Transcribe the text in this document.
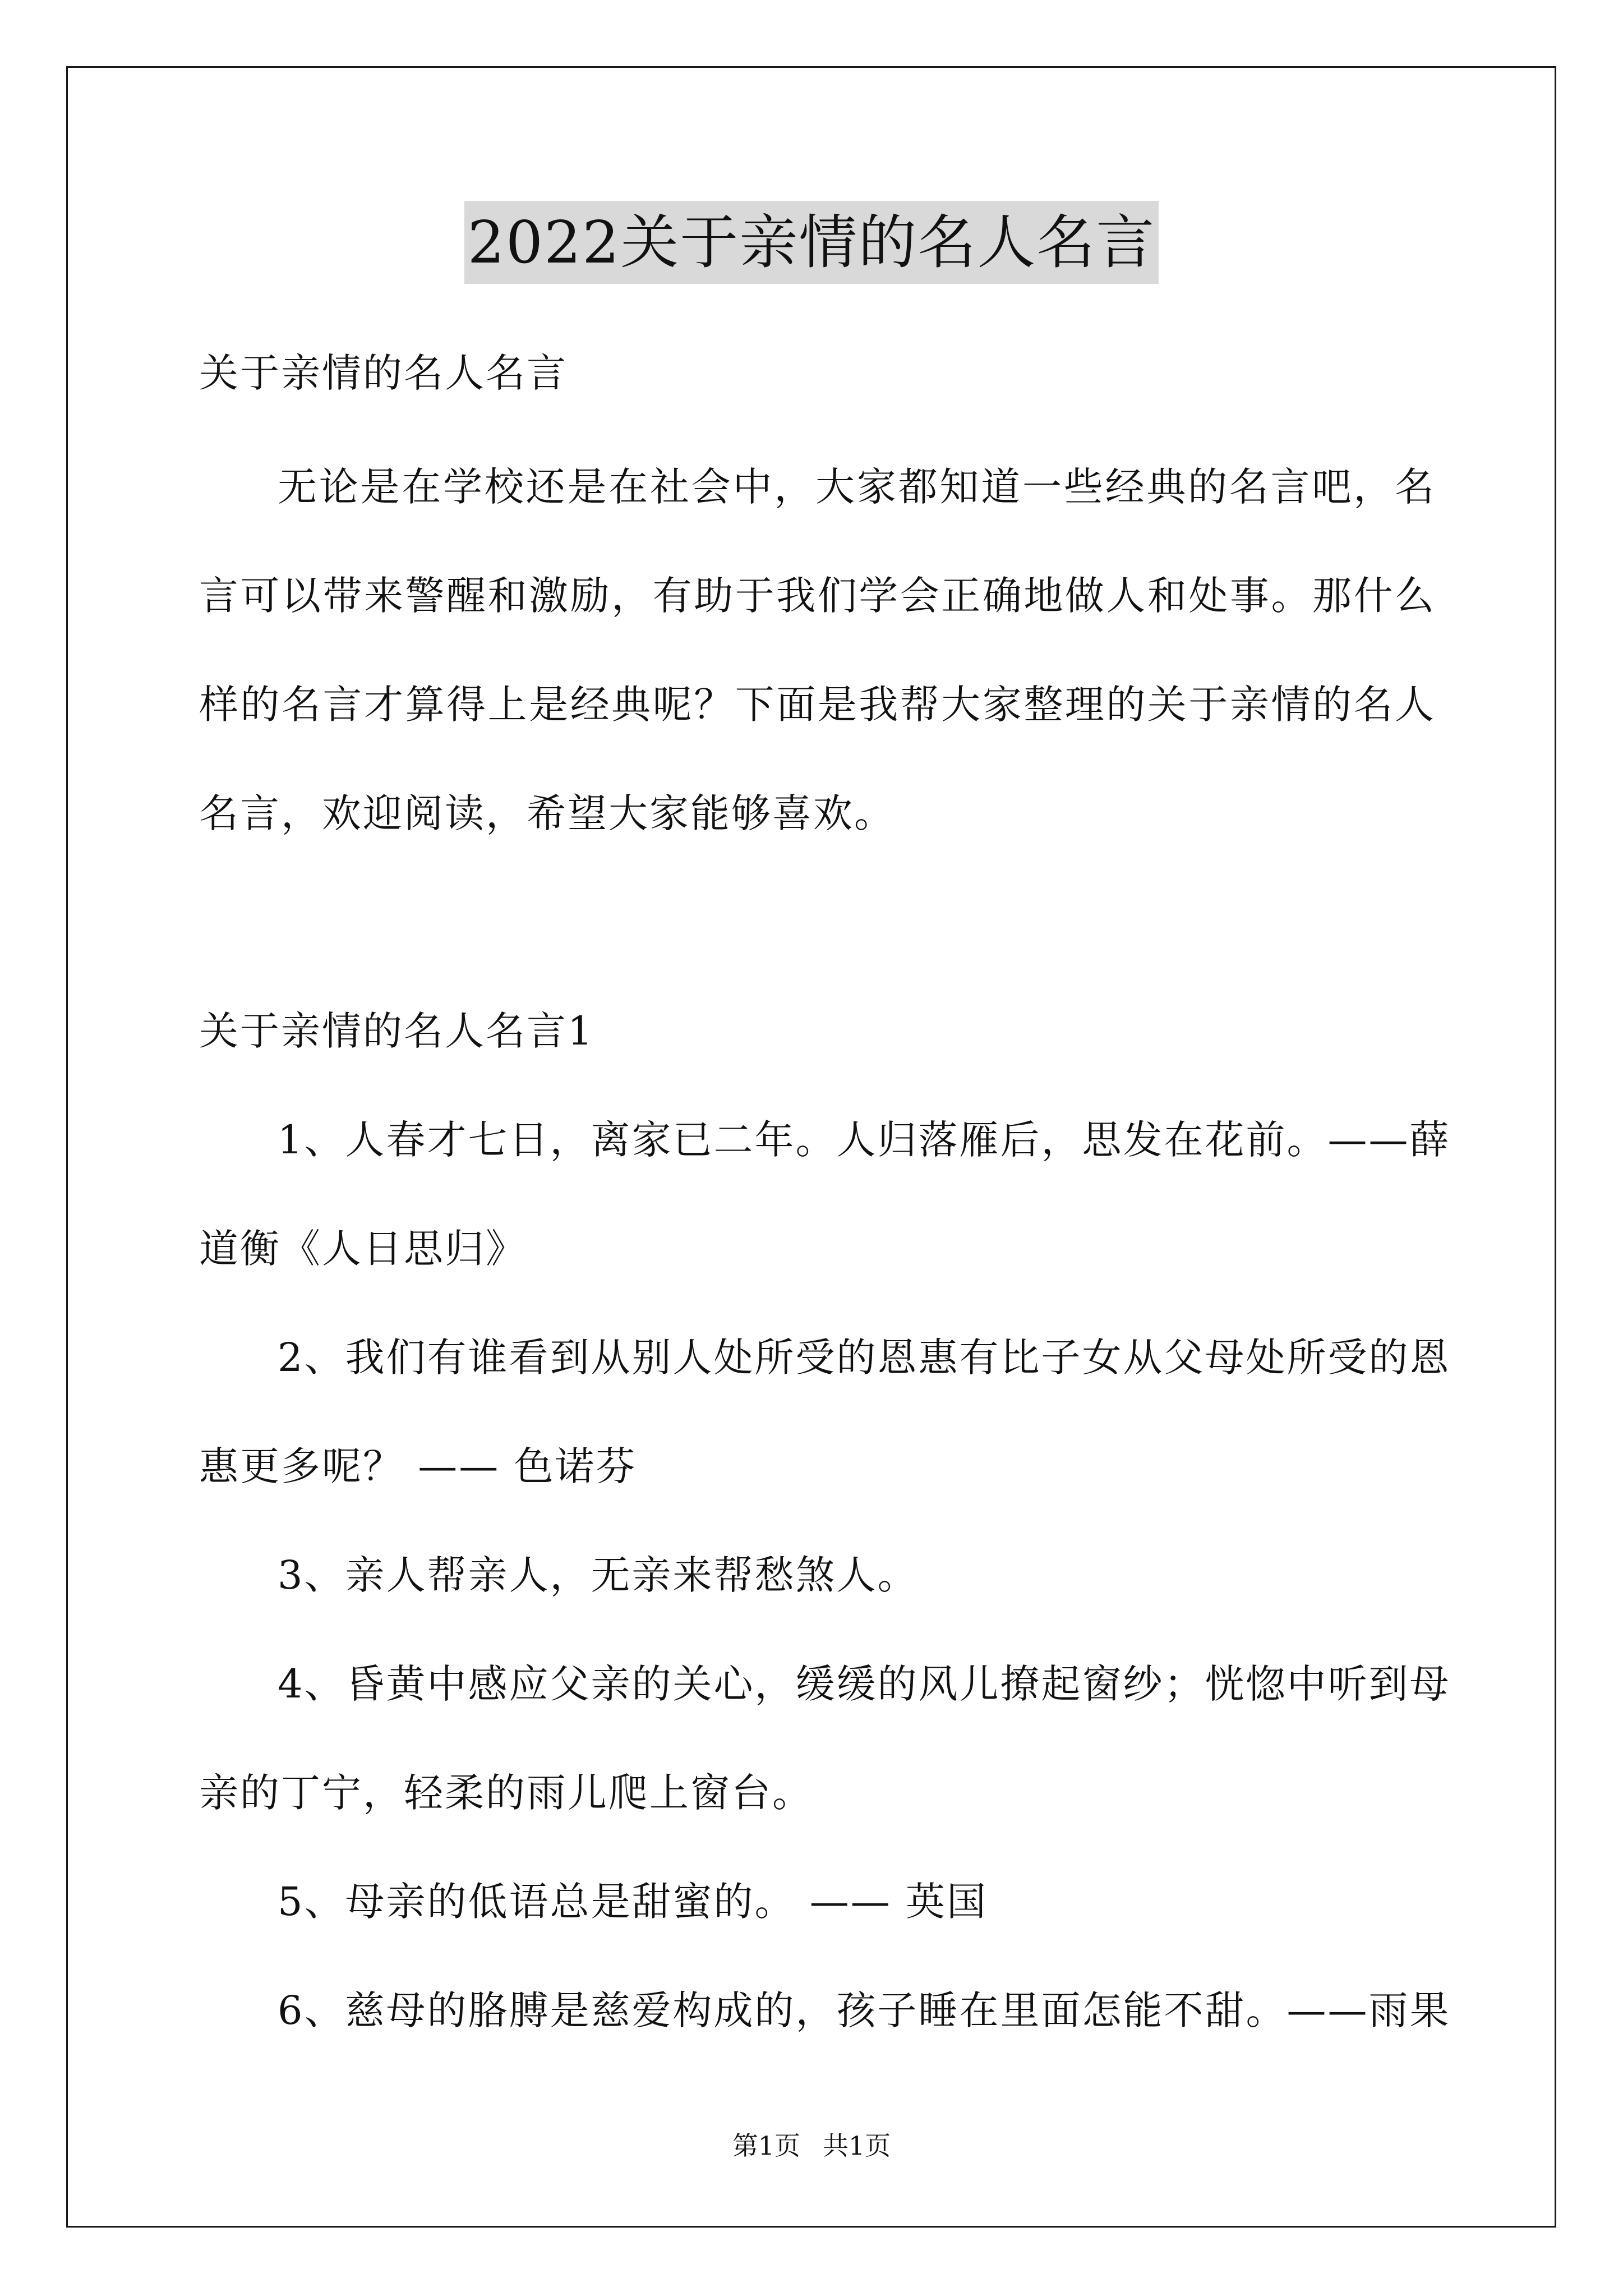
2022关于亲情的名人名言
关于亲情的名人名言
无论是在学校还是在社会中，大家都知道一些经典的名言吧，名
言可以带来警醒和激励，有助于我们学会正确地做人和处事。那什么
样的名言才算得上是经典呢？下面是我帮大家整理的关于亲情的名人
名言，欢迎阅读，希望大家能够喜欢。
关于亲情的名人名言1
1、人春才七日，离家已二年。人归落雁后，思发在花前。——薛
道衡《人日思归》
2、我们有谁看到从别人处所受的恩惠有比子女从父母处所受的恩
惠更多呢？ —— 色诺芬
3、亲人帮亲人，无亲来帮愁煞人。
4、昏黄中感应父亲的关心，缓缓的风儿撩起窗纱；恍惚中听到母
亲的丁宁，轻柔的雨儿爬上窗台。
5、母亲的低语总是甜蜜的。 —— 英国
6、慈母的胳膊是慈爱构成的，孩子睡在里面怎能不甜。——雨果
第1页 共1页
